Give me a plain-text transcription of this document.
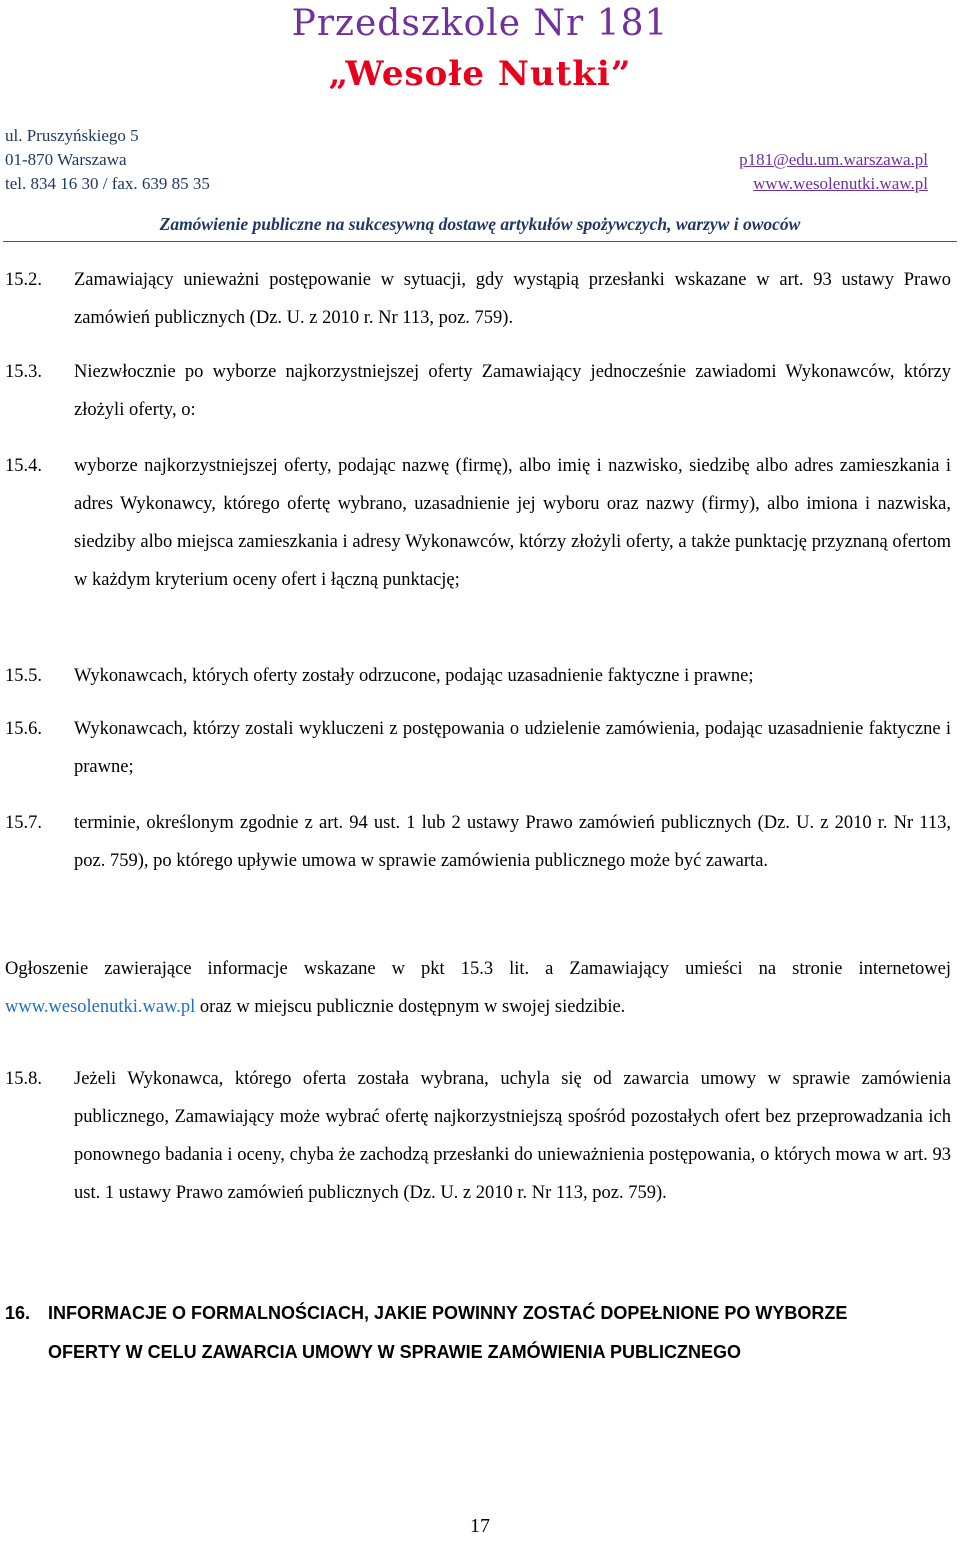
Przedszkole Nr 181
„Wesołe Nutki”
ul. Pruszyńskiego 5
01-870 Warszawa
tel. 834 16 30 / fax. 639 85 35
p181@edu.um.warszawa.pl
www.wesolenutki.waw.pl
Zamówienie publiczne na sukcesywną dostawę artykułów spożywczych, warzyw i owoców
15.2. Zamawiający unieważni postępowanie w sytuacji, gdy wystąpią przesłanki wskazane w art. 93 ustawy Prawo zamówień publicznych (Dz. U. z 2010 r. Nr 113, poz. 759).
15.3. Niezwłocznie po wyborze najkorzystniejszej oferty Zamawiający jednocześnie zawiadomi Wykonawców, którzy złożyli oferty, o:
15.4. wyborze najkorzystniejszej oferty, podając nazwę (firmę), albo imię i nazwisko, siedzibę albo adres zamieszkania i adres Wykonawcy, którego ofertę wybrano, uzasadnienie jej wyboru oraz nazwy (firmy), albo imiona i nazwiska, siedziby albo miejsca zamieszkania i adresy Wykonawców, którzy złożyli oferty, a także punktację przyznaną ofertom w każdym kryterium oceny ofert i łączną punktację;
15.5. Wykonawcach, których oferty zostały odrzucone, podając uzasadnienie faktyczne i prawne;
15.6. Wykonawcach, którzy zostali wykluczeni z postępowania o udzielenie zamówienia, podając uzasadnienie faktyczne i prawne;
15.7. terminie, określonym zgodnie z art. 94 ust. 1 lub 2 ustawy Prawo zamówień publicznych (Dz. U. z 2010 r. Nr 113, poz. 759), po którego upływie umowa w sprawie zamówienia publicznego może być zawarta.
Ogłoszenie zawierające informacje wskazane w pkt 15.3 lit. a Zamawiający umieści na stronie internetowej www.wesolenutki.waw.pl oraz w miejscu publicznie dostępnym w swojej siedzibie.
15.8. Jeżeli Wykonawca, którego oferta została wybrana, uchyla się od zawarcia umowy w sprawie zamówienia publicznego, Zamawiający może wybrać ofertę najkorzystniejszą spośród pozostałych ofert bez przeprowadzania ich ponownego badania i oceny, chyba że zachodzą przesłanki do unieważnienia postępowania, o których mowa w art. 93 ust. 1 ustawy Prawo zamówień publicznych (Dz. U. z 2010 r. Nr 113, poz. 759).
16. INFORMACJE O FORMALNOŚCIACH, JAKIE POWINNY ZOSTAĆ DOPEŁNIONE PO WYBORZE OFERTY W CELU ZAWARCIA UMOWY W SPRAWIE ZAMÓWIENIA PUBLICZNEGO
17
